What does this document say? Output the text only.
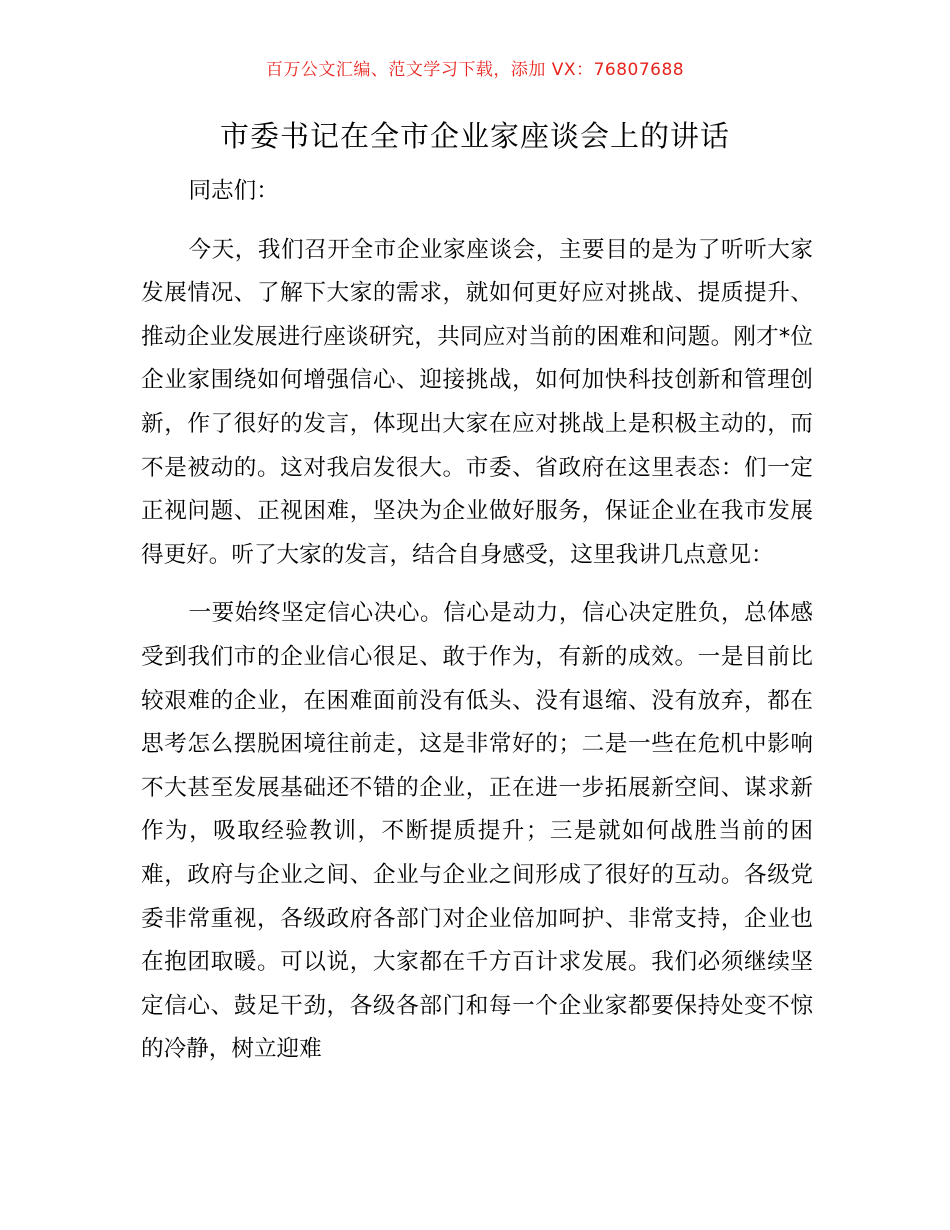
百万公文汇编、范文学习下载，添加 VX：76807688
市委书记在全市企业家座谈会上的讲话

同志们：

今天，我们召开全市企业家座谈会，主要目的是为了听听大家发展情况、了解下大家的需求，就如何更好应对挑战、提质提升、推动企业发展进行座谈研究，共同应对当前的困难和问题。刚才*位企业家围绕如何增强信心、迎接挑战，如何加快科技创新和管理创新，作了很好的发言，体现出大家在应对挑战上是积极主动的，而不是被动的。这对我启发很大。市委、省政府在这里表态：们一定正视问题、正视困难，坚决为企业做好服务，保证企业在我市发展得更好。听了大家的发言，结合自身感受，这里我讲几点意见：

一要始终坚定信心决心。信心是动力，信心决定胜负，总体感受到我们市的企业信心很足、敢于作为，有新的成效。一是目前比较艰难的企业，在困难面前没有低头、没有退缩、没有放弃，都在思考怎么摆脱困境往前走，这是非常好的；二是一些在危机中影响不大甚至发展基础还不错的企业，正在进一步拓展新空间、谋求新作为，吸取经验教训，不断提质提升；三是就如何战胜当前的困难，政府与企业之间、企业与企业之间形成了很好的互动。各级党委非常重视，各级政府各部门对企业倍加呵护、非常支持，企业也在抱团取暖。可以说，大家都在千方百计求发展。我们必须继续坚定信心、鼓足干劲，各级各部门和每一个企业家都要保持处变不惊的冷静，树立迎难
